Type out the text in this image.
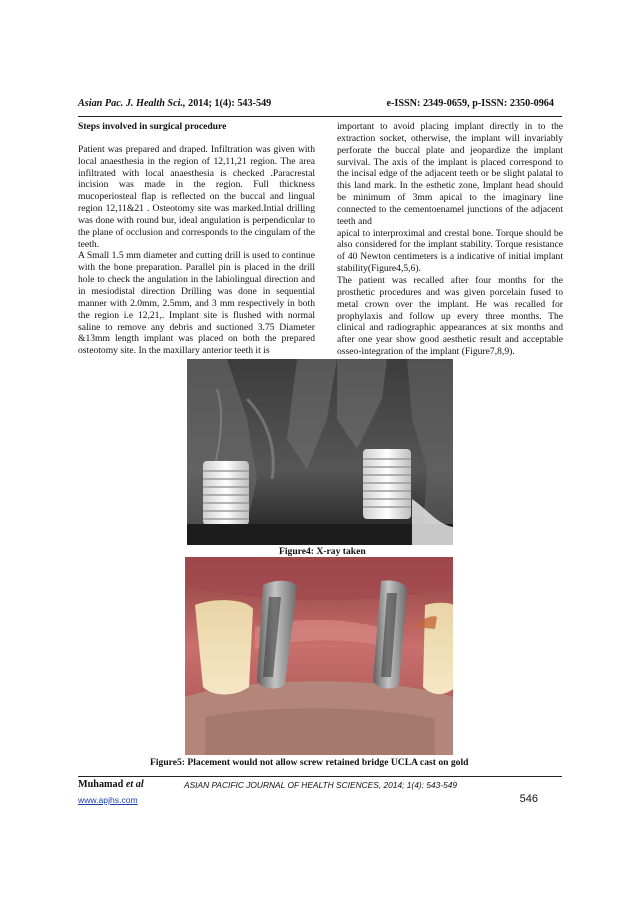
Asian Pac. J. Health Sci., 2014; 1(4): 543-549	e-ISSN: 2349-0659, p-ISSN: 2350-0964

Steps involved in surgical procedure

Patient was prepared and draped. Infiltration was given with local anaesthesia in the region of 12,11,21 region. The area infiltrated with local anaesthesia is checked .Paracrestal incision was made in the region. Full thickness mucoperiosteal flap is reflected on the buccal and lingual region 12,11&21 . Osteotomy site was marked.Intial drilling was done with round bur, ideal angulation is perpendicular to the plane of occlusion and corresponds to the cingulam of the teeth.

A Small 1.5 mm diameter and cutting drill is used to continue with the bone preparation. Parallel pin is placed in the drill hole to check the angulation in the labiolingual direction and in mesiodistal direction Drilling was done in sequential manner with 2.0mm, 2.5mm, and 3 mm respectively in both the region i.e 12,21,. Implant site is flushed with normal saline to remove any debris and suctioned 3.75 Diameter &13mm length implant was placed on both the prepared osteotomy site. In the maxillary anterior teeth it is

important to avoid placing implant directly in to the extraction socket, otherwise, the implant will invariably perforate the buccal plate and jeopardize the implant survival. The axis of the implant is placed correspond to the incisal edge of the adjacent teeth or be slight palatal to this land mark. In the esthetic zone, Implant head should be minimum of 3mm apical to the imaginary line connected to the cementoenamel junctions of the adjacent teeth and

apical to interproximal and crestal bone. Torque should be also considered for the implant stability. Torque resistance of 40 Newton centimeters is a indicative of initial implant stability(Figure4,5,6).

The patient was recalled after four months for the prosthetic procedures and was given porcelain fused to metal crown over the implant. He was recalled for prophylaxis and follow up every three months. The clinical and radiographic appearances at six months and after one year show good aesthetic result and acceptable osseo-integration of the implant (Figure7,8,9).

Figure4: X-ray taken
Figure5: Placement would not allow screw retained bridge UCLA cast on gold
Muhamad et al	ASIAN PACIFIC JOURNAL OF HEALTH SCIENCES, 2014; 1(4): 543-549
www.apjhs.com	546
